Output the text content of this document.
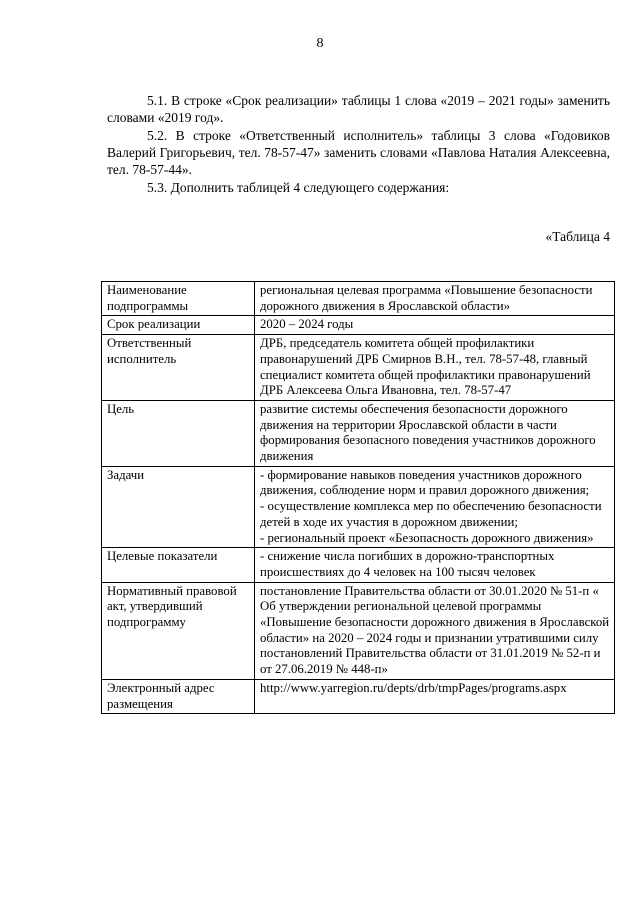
8

5.1. В строке «Срок реализации» таблицы 1 слова «2019 – 2021 годы» заменить словами «2019 год».

5.2. В строке «Ответственный исполнитель» таблицы 3 слова «Годовиков Валерий Григорьевич, тел. 78-57-47» заменить словами «Павлова Наталия Алексеевна, тел. 78-57-44».

5.3. Дополнить таблицей 4 следующего содержания:

«Таблица 4
Наименование подпрограммы	региональная целевая программа «Повышение безопасности дорожного движения в Ярославской области»
Срок реализации	2020 – 2024 годы
Ответственный исполнитель	ДРБ, председатель комитета общей профилактики правонарушений ДРБ Смирнов В.Н., тел. 78-57-48, главный специалист комитета общей профилактики правонарушений ДРБ Алексеева Ольга Ивановна, тел. 78-57-47
Цель	развитие системы обеспечения безопасности дорожного движения на территории Ярославской области в части формирования безопасного поведения участников дорожного движения
Задачи	- формирование навыков поведения участников дорожного движения, соблюдение норм и правил дорожного движения;
- осуществление комплекса мер по обеспечению безопасности детей в ходе их участия в дорожном движении;
- региональный проект «Безопасность дорожного движения»
Целевые показатели	- снижение числа погибших в дорожно-транспортных происшествиях до 4 человек на 100 тысяч человек
Нормативный правовой акт, утвердивший подпрограмму	постановление Правительства области от 30.01.2020 № 51-п « Об утверждении региональной целевой программы «Повышение безопасности дорожного движения в Ярославской области» на 2020 – 2024 годы и признании утратившими силу постановлений Правительства области от 31.01.2019 № 52-п и от 27.06.2019 № 448-п»
Электронный адрес размещения	http://www.yarregion.ru/depts/drb/tmpPages/programs.aspx
